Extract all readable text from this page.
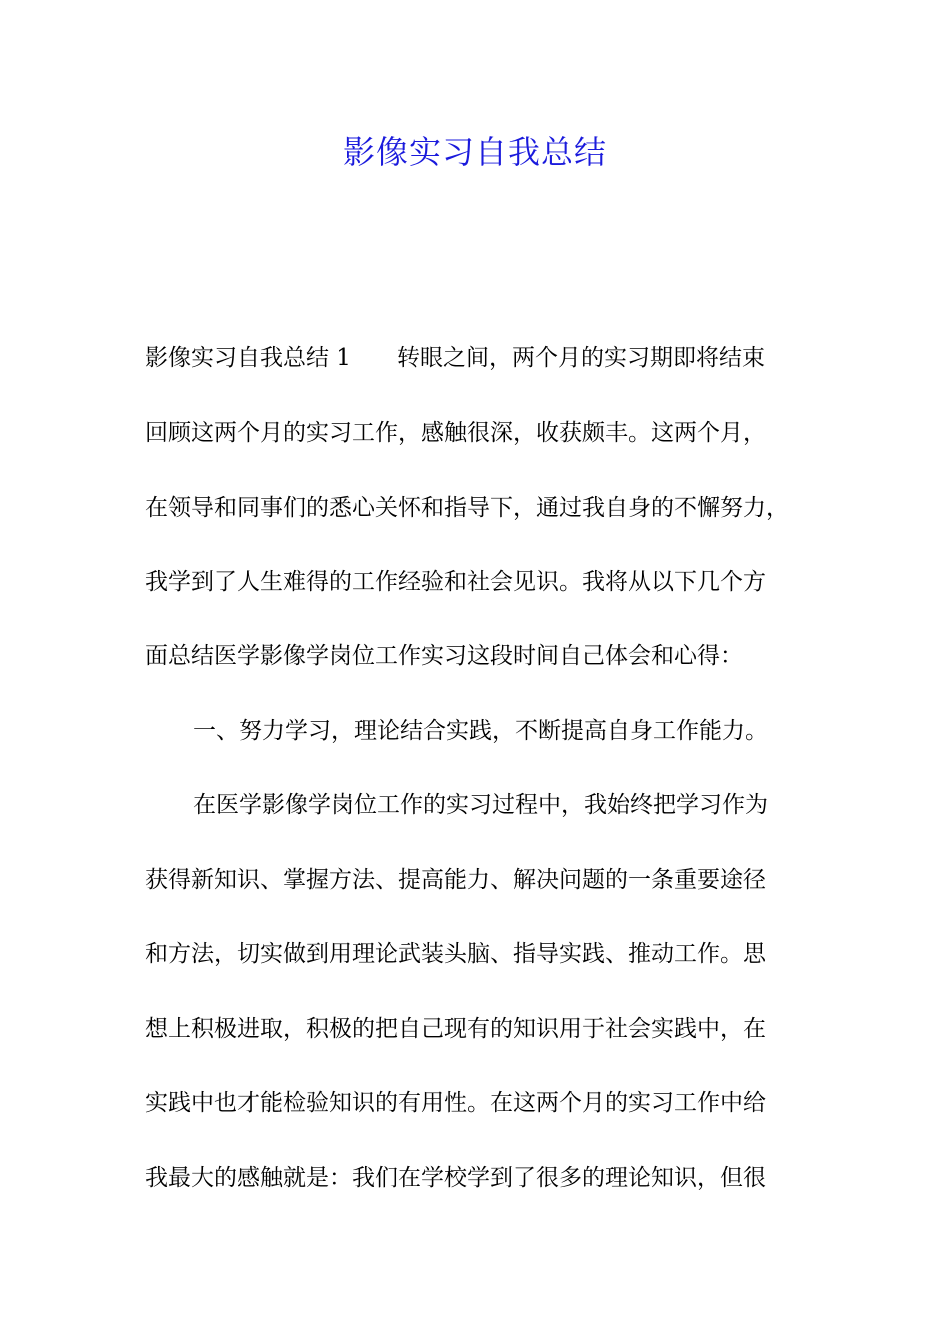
影像实习自我总结
影像实习自我总结 1 转眼之间，两个月的实习期即将结束
回顾这两个月的实习工作，感触很深，收获颇丰。这两个月，
在领导和同事们的悉心关怀和指导下，通过我自身的不懈努力，
我学到了人生难得的工作经验和社会见识。我将从以下几个方
面总结医学影像学岗位工作实习这段时间自己体会和心得：
一、努力学习，理论结合实践，不断提高自身工作能力。
在医学影像学岗位工作的实习过程中，我始终把学习作为
获得新知识、掌握方法、提高能力、解决问题的一条重要途径
和方法，切实做到用理论武装头脑、指导实践、推动工作。思
想上积极进取，积极的把自己现有的知识用于社会实践中，在
实践中也才能检验知识的有用性。在这两个月的实习工作中给
我最大的感触就是：我们在学校学到了很多的理论知识，但很
